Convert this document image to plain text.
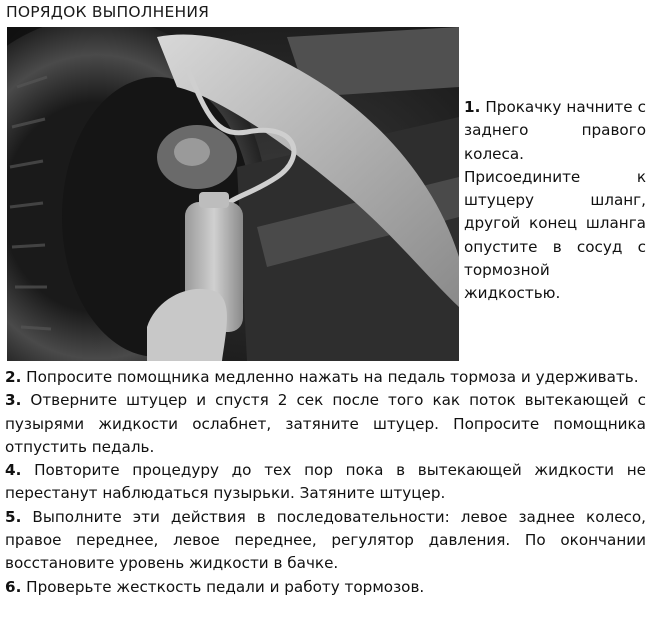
ПОРЯДОК ВЫПОЛНЕНИЯ

1. Прокачку начните с заднего правого колеса.

Присоедините к штуцеру шланг, другой конец шланга опустите в сосуд с тормозной жидкостью.

2. Попросите помощника медленно нажать на педаль тормоза и удерживать.

3. Отверните штуцер и спустя 2 сек после того как поток вытекающей с пузырями жидкости ослабнет, затяните штуцер. Попросите помощника отпустить педаль.

4. Повторите процедуру до тех пор пока в вытекающей жидкости не перестанут наблюдаться пузырьки. Затяните штуцер.

5. Выполните эти действия в последовательности: левое заднее колесо, правое переднее, левое переднее, регулятор давления. По окончании восстановите уровень жидкости в бачке.

6. Проверьте жесткость педали и работу тормозов.
